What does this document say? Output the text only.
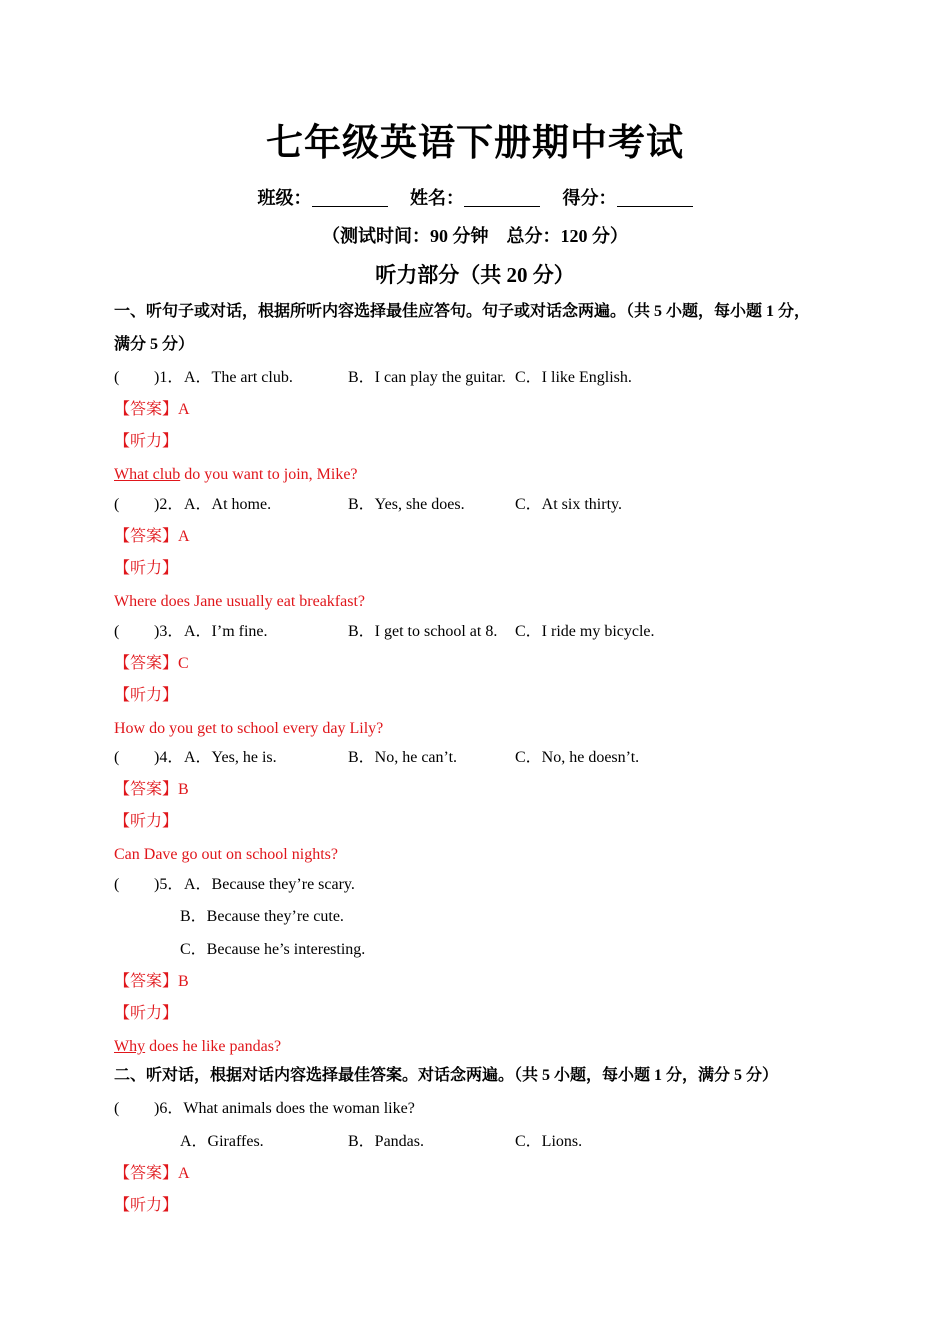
七年级英语下册期中考试
班级：	姓名：	得分：
（测试时间：90 分钟    总分：120 分）
听力部分（共 20 分）
一、听句子或对话，根据所听内容选择最佳应答句。句子或对话念两遍。（共 5 小题，每小题 1 分，
满分 5 分）
( )1． A．The art club.	B．I can play the guitar. C．I like English.
【答案】A
【听力】
What club do you want to join, Mike?
( )2． A．At home.	B．Yes, she does.	C．At six thirty.
【答案】A
【听力】
Where does Jane usually eat breakfast?
( )3． A．I’m fine.	B．I get to school at 8. C．I ride my bicycle.
【答案】C
【听力】
How do you get to school every day Lily?
( )4． A．Yes, he is.	B．No, he can’t.	C．No, he doesn’t.
【答案】B
【听力】
Can Dave go out on school nights?
( )5． A．Because they’re scary.
B．Because they’re cute.
C．Because he’s interesting.
【答案】B
【听力】
Why does he like pandas?
二、听对话，根据对话内容选择最佳答案。对话念两遍。（共 5 小题，每小题 1 分，满分 5 分）
( )6．What animals does the woman like?
A．Giraffes.	B．Pandas.	C．Lions.
【答案】A
【听力】
